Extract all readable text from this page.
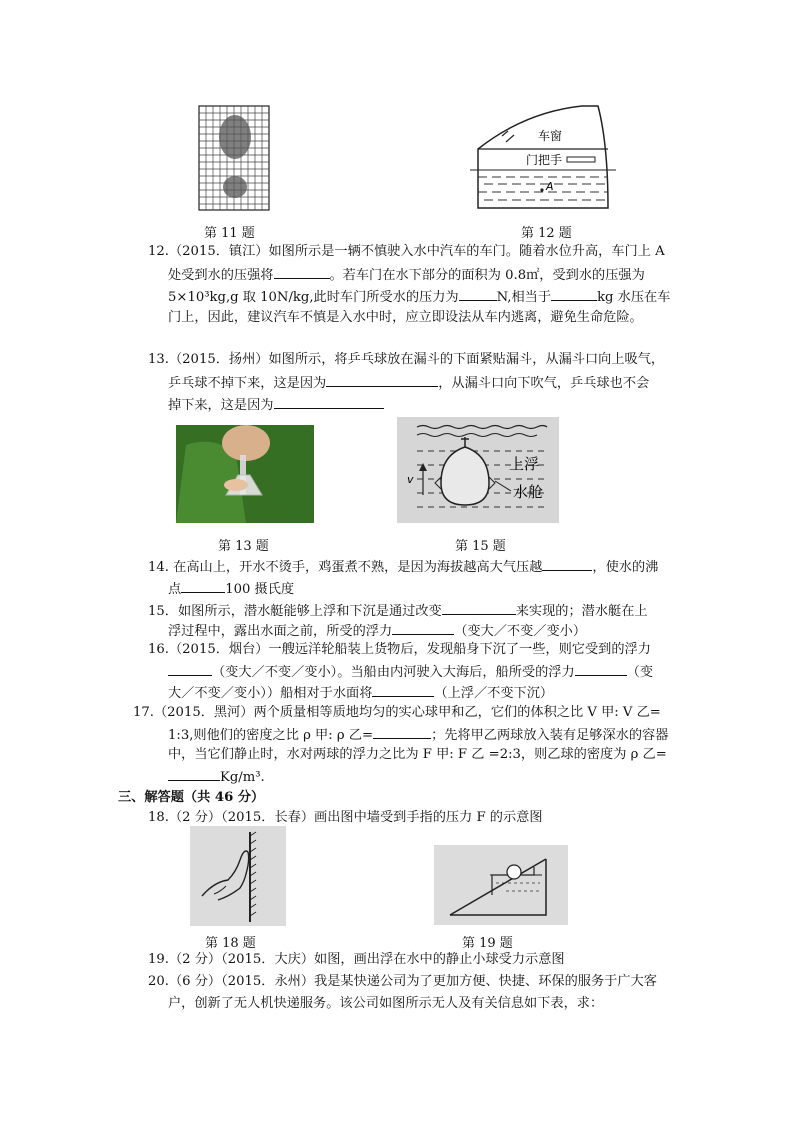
第 11 题
车窗
门把手
A
第 12 题
12.（2015．镇江）如图所示是一辆不慎驶入水中汽车的车门。随着水位升高，车门上 A
处受到水的压强将	。若车门在水下部分的面积为 0.8㎡，受到水的压强为
5×10³kg,g 取 10N/kg,此时车门所受水的压力为	N,相当于	kg 水压在车
门上，因此，建议汽车不慎是入水中时，应立即设法从车内逃离，避免生命危险。
13.（2015．扬州）如图所示，将乒乓球放在漏斗的下面紧贴漏斗，从漏斗口向上吸气，
乒乓球不掉下来，这是因为	，从漏斗口向下吹气，乒乓球也不会
掉下来，这是因为
第 13 题
v
上浮
水舱
第 15 题
14. 在高山上，开水不烫手，鸡蛋煮不熟，是因为海拔越高大气压越	，使水的沸
点	100 摄氏度
15．如图所示，潜水艇能够上浮和下沉是通过改变	来实现的；潜水艇在上
浮过程中，露出水面之前，所受的浮力	（变大／不变／变小）
16.（2015．烟台）一艘远洋轮船装上货物后，发现船身下沉了一些，则它受到的浮力
（变大／不变／变小）。当船由内河驶入大海后，船所受的浮力	（变
大／不变／变小））船相对于水面将	（上浮／不变下沉）
17.（2015．黑河）两个质量相等质地均匀的实心球甲和乙，它们的体积之比 V 甲: V 乙=
1:3,则他们的密度之比 ρ 甲: ρ 乙=	；先将甲乙两球放入装有足够深水的容器
中，当它们静止时，水对两球的浮力之比为 F 甲: F 乙 =2:3，则乙球的密度为 ρ 乙=
Kg/m³.
三、解答题（共 46 分）
18.（2 分）（2015．长春）画出图中墙受到手指的压力 F 的示意图
第 18 题	第 19 题
19.（2 分）（2015．大庆）如图，画出浮在水中的静止小球受力示意图
20.（6 分）（2015．永州）我是某快递公司为了更加方便、快捷、环保的服务于广大客
户，创新了无人机快递服务。该公司如图所示无人及有关信息如下表，求：
